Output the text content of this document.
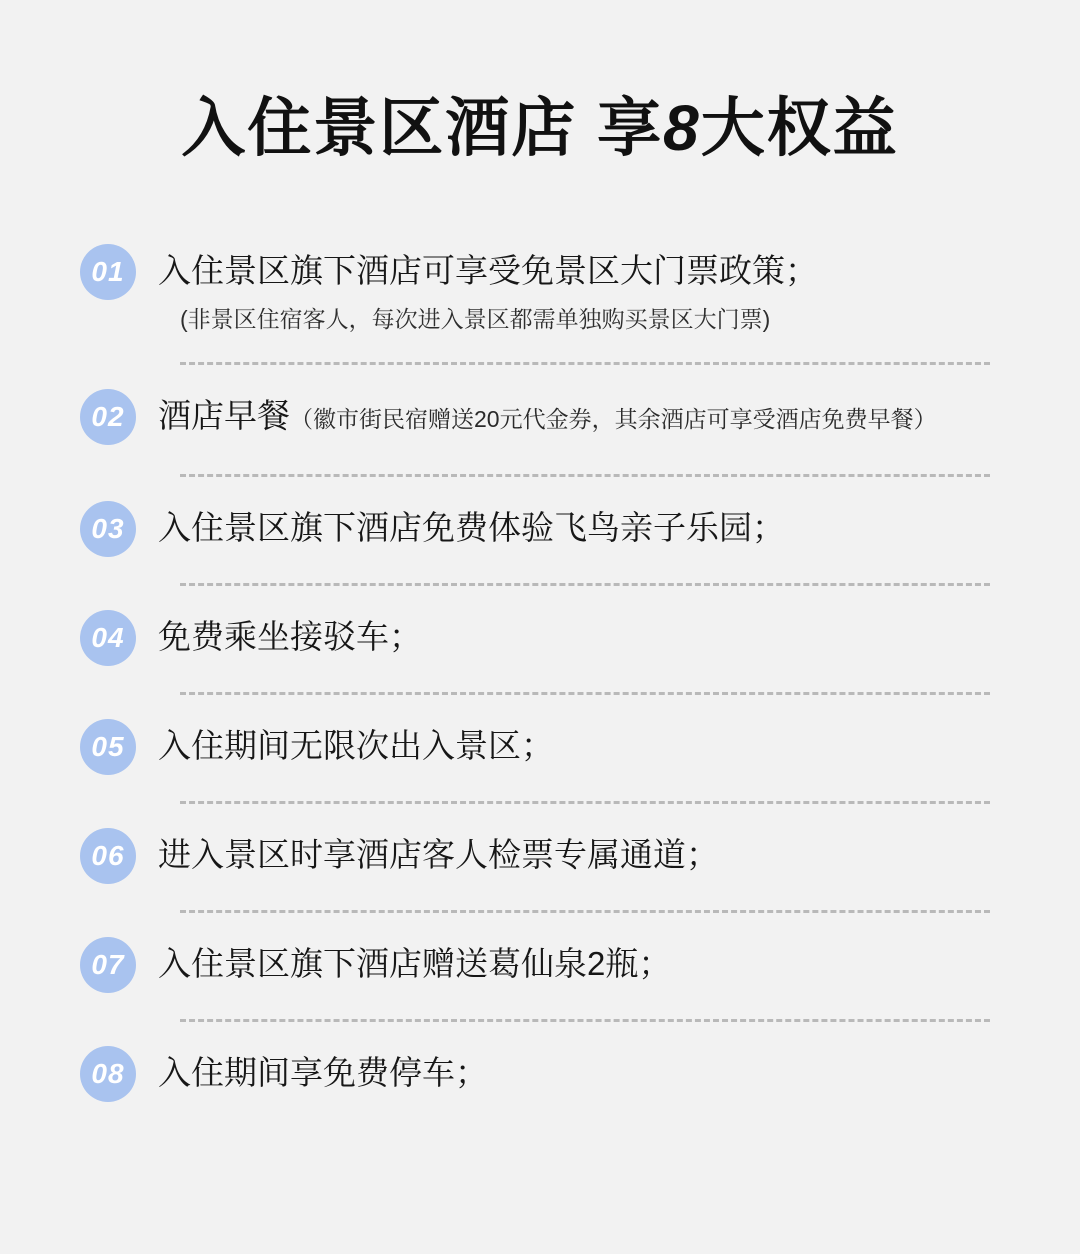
入住景区酒店 享8大权益
01	入住景区旗下酒店可享受免景区大门票政策；
(非景区住宿客人，每次进入景区都需单独购买景区大门票)
02	酒店早餐（徽市街民宿赠送20元代金券，其余酒店可享受酒店免费早餐）
03	入住景区旗下酒店免费体验飞鸟亲子乐园；
04	免费乘坐接驳车；
05	入住期间无限次出入景区；
06	进入景区时享酒店客人检票专属通道；
07	入住景区旗下酒店赠送葛仙泉2瓶；
08	入住期间享免费停车；
